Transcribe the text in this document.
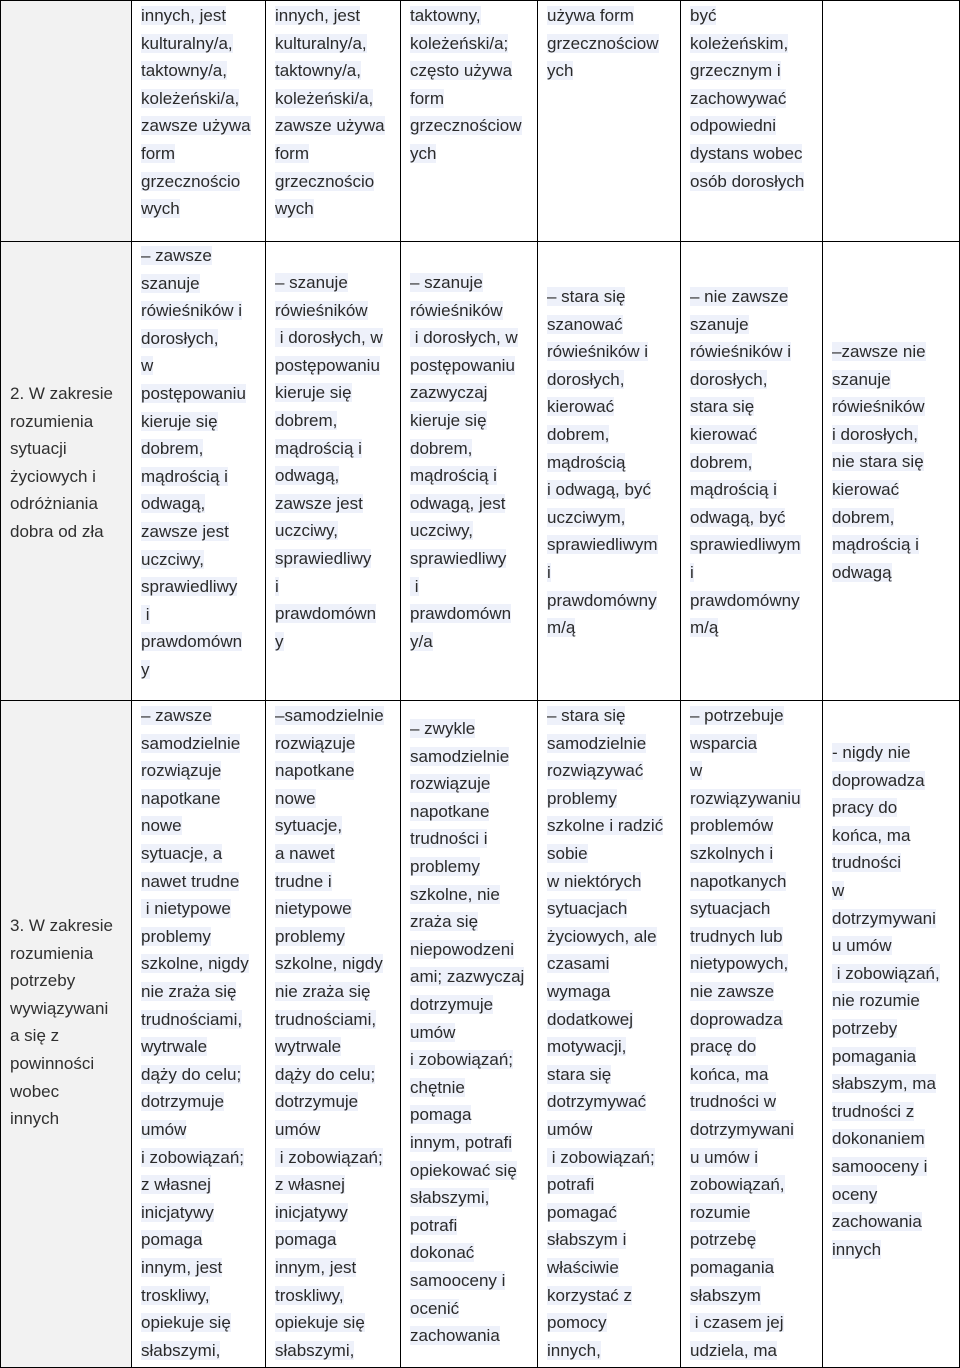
innych, jest
kulturalny/a,
taktowny/a,
koleżeński/a,
zawsze używa
form
grzecznościo
wych
innych, jest
kulturalny/a,
taktowny/a,
koleżeński/a,
zawsze używa
form
grzecznościo
wych
taktowny,
koleżeński/a;
często używa
form
grzecznościow
ych
używa form
grzecznościow
ych
być
koleżeńskim,
grzecznym i
zachowywać
odpowiedni
dystans wobec
osób dorosłych
2. W zakresie
rozumienia
sytuacji
życiowych i
odróżniania
dobra od zła
– zawsze
szanuje
rówieśników i
dorosłych,
w
postępowaniu
kieruje się
dobrem,
mądrością i
odwagą,
zawsze jest
uczciwy,
sprawiedliwy
i
prawdomówn
y
– szanuje
rówieśników
i dorosłych, w
postępowaniu
kieruje się
dobrem,
mądrością i
odwagą,
zawsze jest
uczciwy,
sprawiedliwy
i
prawdomówn
y
– szanuje
rówieśników
i dorosłych, w
postępowaniu
zazwyczaj
kieruje się
dobrem,
mądrością i
odwagą, jest
uczciwy,
sprawiedliwy
i
prawdomówn
y/a
– stara się
szanować
rówieśników i
dorosłych,
kierować
dobrem,
mądrością
i odwagą, być
uczciwym,
sprawiedliwym
i
prawdomówny
m/ą
– nie zawsze
szanuje
rówieśników i
dorosłych,
stara się
kierować
dobrem,
mądrością i
odwagą, być
sprawiedliwym
i
prawdomówny
m/ą
–zawsze nie
szanuje
rówieśników
i dorosłych,
nie stara się
kierować
dobrem,
mądrością i
odwagą
3. W zakresie
rozumienia
potrzeby
wywiązywani
a się z
powinności
wobec
innych
– zawsze
samodzielnie
rozwiązuje
napotkane
nowe
sytuacje, a
nawet trudne
i nietypowe
problemy
szkolne, nigdy
nie zraża się
trudnościami,
wytrwale
dąży do celu;
dotrzymuje
umów
i zobowiązań;
z własnej
inicjatywy
pomaga
innym, jest
troskliwy,
opiekuje się
słabszymi,
–samodzielnie
rozwiązuje
napotkane
nowe
sytuacje,
a nawet
trudne i
nietypowe
problemy
szkolne, nigdy
nie zraża się
trudnościami,
wytrwale
dąży do celu;
dotrzymuje
umów
i zobowiązań;
z własnej
inicjatywy
pomaga
innym, jest
troskliwy,
opiekuje się
słabszymi,
– zwykle
samodzielnie
rozwiązuje
napotkane
trudności i
problemy
szkolne, nie
zraża się
niepowodzeni
ami; zazwyczaj
dotrzymuje
umów
i zobowiązań;
chętnie
pomaga
innym, potrafi
opiekować się
słabszymi,
potrafi
dokonać
samooceny i
ocenić
zachowania
– stara się
samodzielnie
rozwiązywać
problemy
szkolne i radzić
sobie
w niektórych
sytuacjach
życiowych, ale
czasami
wymaga
dodatkowej
motywacji,
stara się
dotrzymywać
umów
i zobowiązań;
potrafi
pomagać
słabszym i
właściwie
korzystać z
pomocy
innych,
– potrzebuje
wsparcia
w
rozwiązywaniu
problemów
szkolnych i
napotkanych
sytuacjach
trudnych lub
nietypowych,
nie zawsze
doprowadza
pracę do
końca, ma
trudności w
dotrzymywani
u umów i
zobowiązań,
rozumie
potrzebę
pomagania
słabszym
i czasem jej
udziela, ma
- nigdy nie
doprowadza
pracy do
końca, ma
trudności
w
dotrzymywani
u umów
i zobowiązań,
nie rozumie
potrzeby
pomagania
słabszym, ma
trudności z
dokonaniem
samooceny i
oceny
zachowania
innych
